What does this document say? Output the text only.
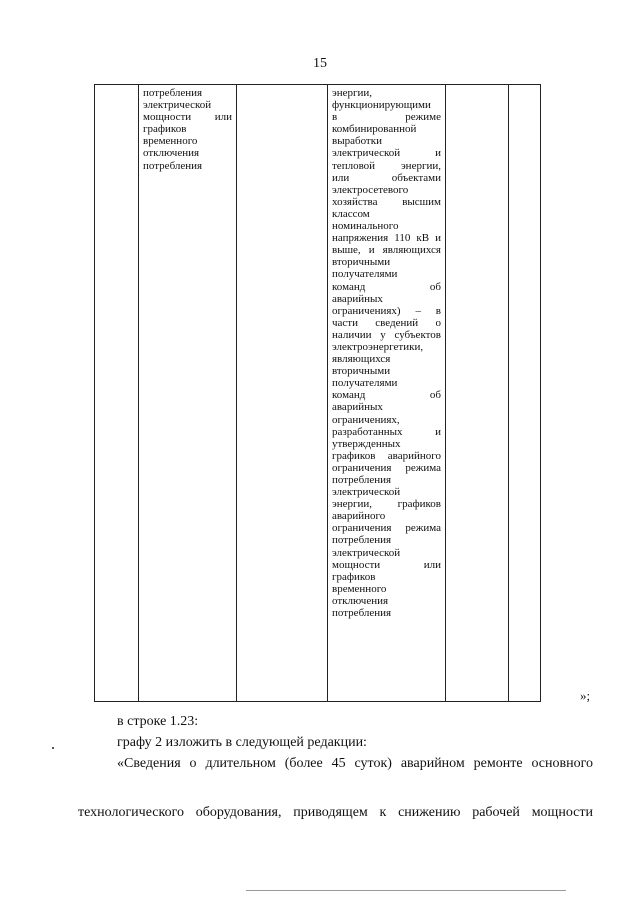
15

потребления
электрической
мощности или
графиков
временного
отключения
потребления

энергии,
функционирующими
в режиме
комбинированной
выработки
электрической и
тепловой энергии,
или объектами
электросетевого
хозяйства высшим
классом
номинального
напряжения 110 кВ и
выше, и являющихся
вторичными
получателями
команд об
аварийных
ограничениях) – в
части сведений о
наличии у субъектов
электроэнергетики,
являющихся
вторичными
получателями
команд об
аварийных
ограничениях,
разработанных и
утвержденных
графиков аварийного
ограничения режима
потребления
электрической
энергии, графиков
аварийного
ограничения режима
потребления
электрической
мощности или
графиков
временного
отключения
потребления

»;

в строке 1.23:

графу 2 изложить в следующей редакции:

«Сведения о длительном (более 45 суток) аварийном ремонте основного

технологического оборудования, приводящем к снижению рабочей мощности
